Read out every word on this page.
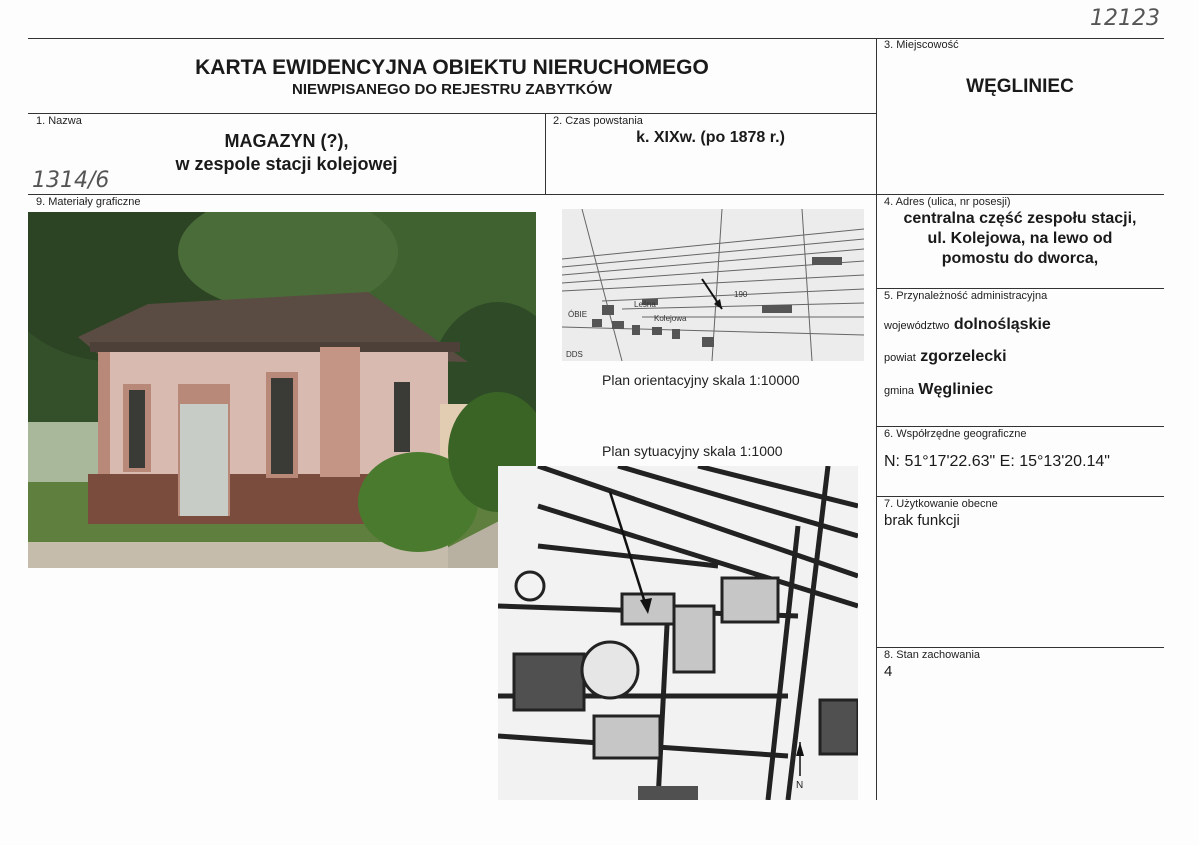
12123
1314/6
KARTA EWIDENCYJNA OBIEKTU NIERUCHOMEGO
NIEWPISANEGO DO REJESTRU ZABYTKÓW
3. Miejscowość
WĘGLINIEC
1. Nazwa
MAGAZYN (?),
w zespole stacji kolejowej
2. Czas powstania
k. XIXw. (po 1878 r.)
9. Materiały graficzne	4. Adres (ulica, nr posesji)
centralna część zespołu stacji,
ul. Kolejowa, na lewo od
pomostu do dworca,
5. Przynależność administracyjna
województwo dolnośląskie
powiat zgorzelecki
gmina Węgliniec
6. Współrzędne geograficzne
N: 51°17'22.63" E: 15°13'20.14"
7. Użytkowanie obecne
brak funkcji
8. Stan zachowania
4
Kolejowa
190
ÓBIE
DDS
Leśna
Plan orientacyjny skala 1:10000
Plan sytuacyjny skala 1:1000
N
